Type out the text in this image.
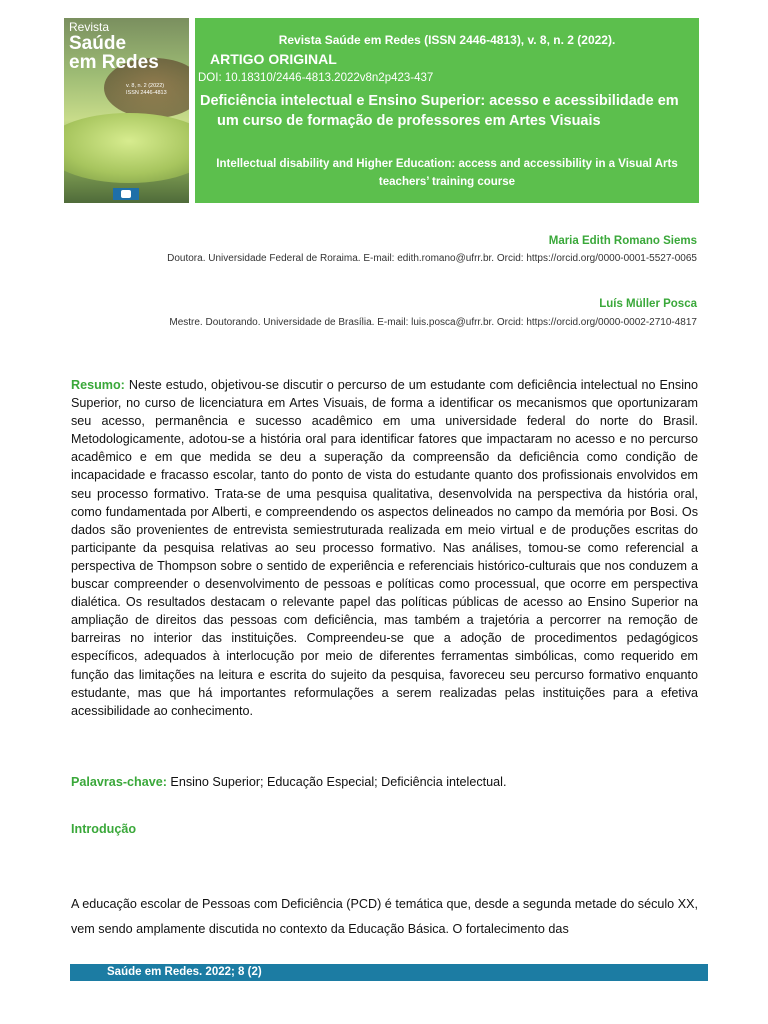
Revista
Saúde
em Redes
v. 8, n. 2 (2022)
ISSN 2446-4813
Revista Saúde em Redes (ISSN 2446-4813), v. 8, n. 2 (2022).
ARTIGO ORIGINAL
DOI: 10.18310/2446-4813.2022v8n2p423-437
Deficiência intelectual e Ensino Superior: acesso e acessibilidade em
um curso de formação de professores em Artes Visuais
Intellectual disability and Higher Education: access and accessibility in a Visual Arts teachers’ training course
Maria Edith Romano Siems
Doutora. Universidade Federal de Roraima. E-mail: edith.romano@ufrr.br. Orcid: https://orcid.org/0000-0001-5527-0065
Luís Müller Posca
Mestre. Doutorando. Universidade de Brasília. E-mail: luis.posca@ufrr.br. Orcid: https://orcid.org/0000-0002-2710-4817
Resumo: Neste estudo, objetivou-se discutir o percurso de um estudante com deficiência intelectual no Ensino Superior, no curso de licenciatura em Artes Visuais, de forma a identificar os mecanismos que oportunizaram seu acesso, permanência e sucesso acadêmico em uma universidade federal do norte do Brasil. Metodologicamente, adotou-se a história oral para identificar fatores que impactaram no acesso e no percurso acadêmico e em que medida se deu a superação da compreensão da deficiência como condição de incapacidade e fracasso escolar, tanto do ponto de vista do estudante quanto dos profissionais envolvidos em seu processo formativo. Trata-se de uma pesquisa qualitativa, desenvolvida na perspectiva da história oral, como fundamentada por Alberti, e compreendendo os aspectos delineados no campo da memória por Bosi. Os dados são provenientes de entrevista semiestruturada realizada em meio virtual e de produções escritas do participante da pesquisa relativas ao seu processo formativo. Nas análises, tomou-se como referencial a perspectiva de Thompson sobre o sentido de experiência e referenciais histórico-culturais que nos conduzem a buscar compreender o desenvolvimento de pessoas e políticas como processual, que ocorre em perspectiva dialética. Os resultados destacam o relevante papel das políticas públicas de acesso ao Ensino Superior na ampliação de direitos das pessoas com deficiência, mas também a trajetória a percorrer na remoção de barreiras no interior das instituições. Compreendeu-se que a adoção de procedimentos pedagógicos específicos, adequados à interlocução por meio de diferentes ferramentas simbólicas, como requerido em função das limitações na leitura e escrita do sujeito da pesquisa, favoreceu seu percurso formativo enquanto estudante, mas que há importantes reformulações a serem realizadas pelas instituições para a efetiva acessibilidade ao conhecimento.
Palavras-chave: Ensino Superior; Educação Especial; Deficiência intelectual.
Introdução
A educação escolar de Pessoas com Deficiência (PCD) é temática que, desde a segunda metade do século XX, vem sendo amplamente discutida no contexto da Educação Básica. O fortalecimento das
Saúde em Redes. 2022; 8 (2)
